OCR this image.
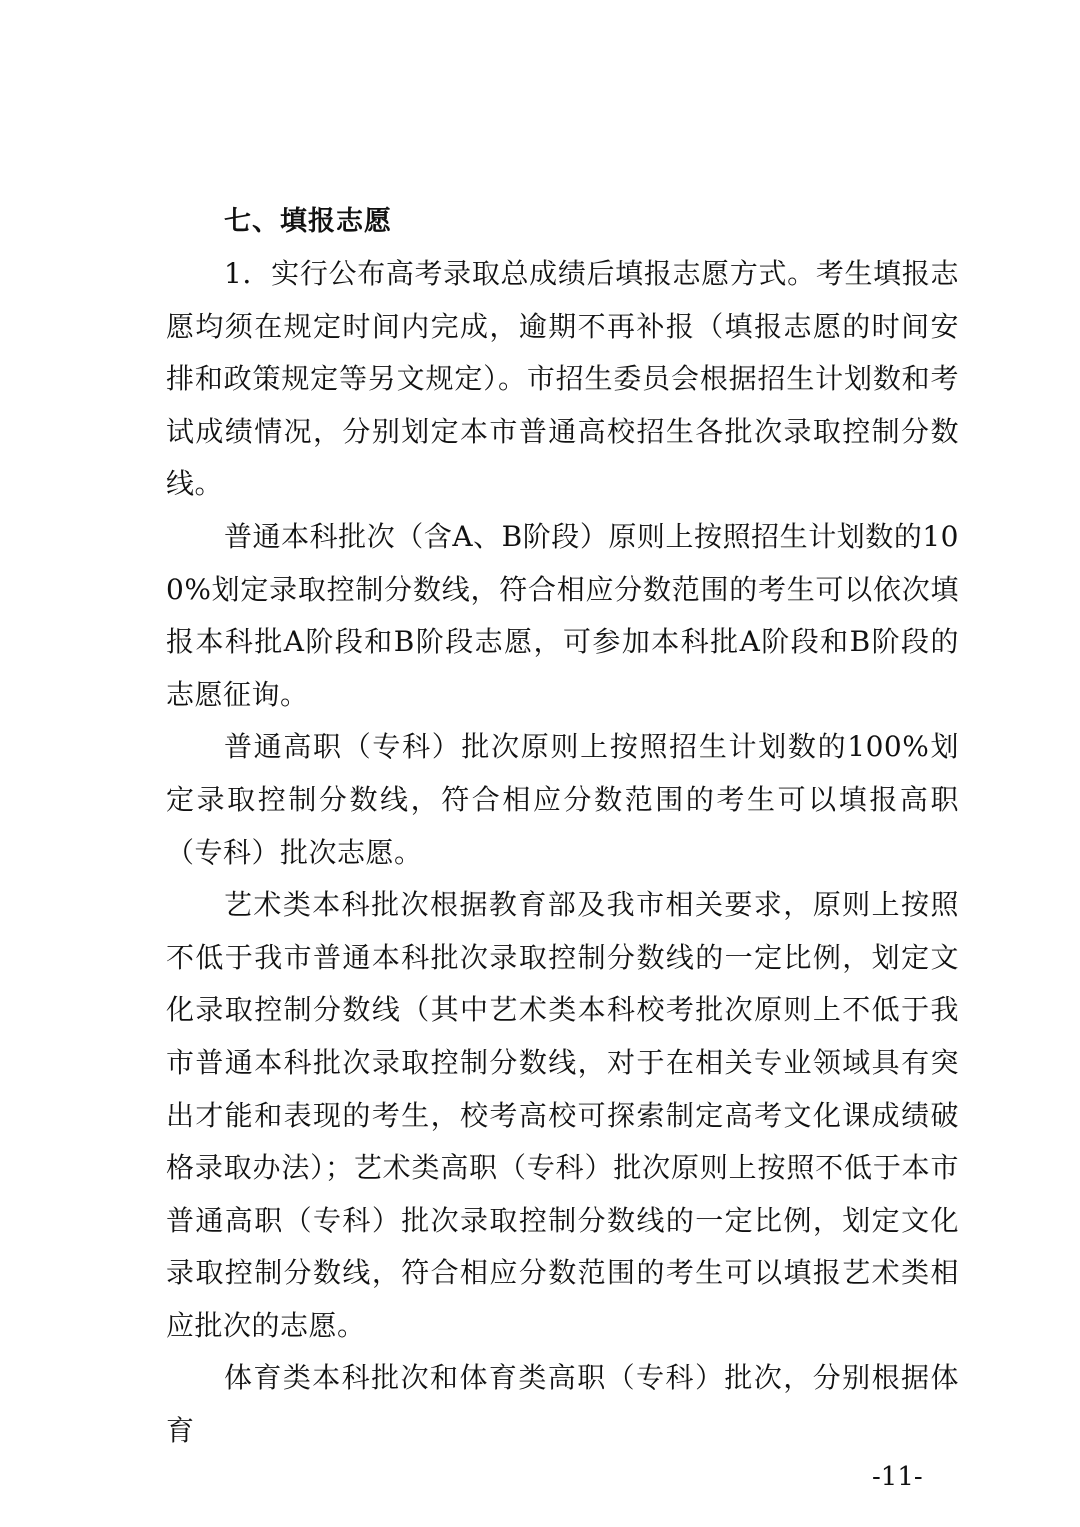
七、填报志愿

1．实行公布高考录取总成绩后填报志愿方式。考生填报志愿均须在规定时间内完成，逾期不再补报（填报志愿的时间安排和政策规定等另文规定）。市招生委员会根据招生计划数和考试成绩情况，分别划定本市普通高校招生各批次录取控制分数线。

普通本科批次（含A、B阶段）原则上按照招生计划数的100%划定录取控制分数线，符合相应分数范围的考生可以依次填报本科批A阶段和B阶段志愿，可参加本科批A阶段和B阶段的志愿征询。

普通高职（专科）批次原则上按照招生计划数的100%划定录取控制分数线，符合相应分数范围的考生可以填报高职（专科）批次志愿。

艺术类本科批次根据教育部及我市相关要求，原则上按照不低于我市普通本科批次录取控制分数线的一定比例，划定文化录取控制分数线（其中艺术类本科校考批次原则上不低于我市普通本科批次录取控制分数线，对于在相关专业领域具有突出才能和表现的考生，校考高校可探索制定高考文化课成绩破格录取办法）；艺术类高职（专科）批次原则上按照不低于本市普通高职（专科）批次录取控制分数线的一定比例，划定文化录取控制分数线，符合相应分数范围的考生可以填报艺术类相应批次的志愿。

体育类本科批次和体育类高职（专科）批次，分别根据体育

-11-
